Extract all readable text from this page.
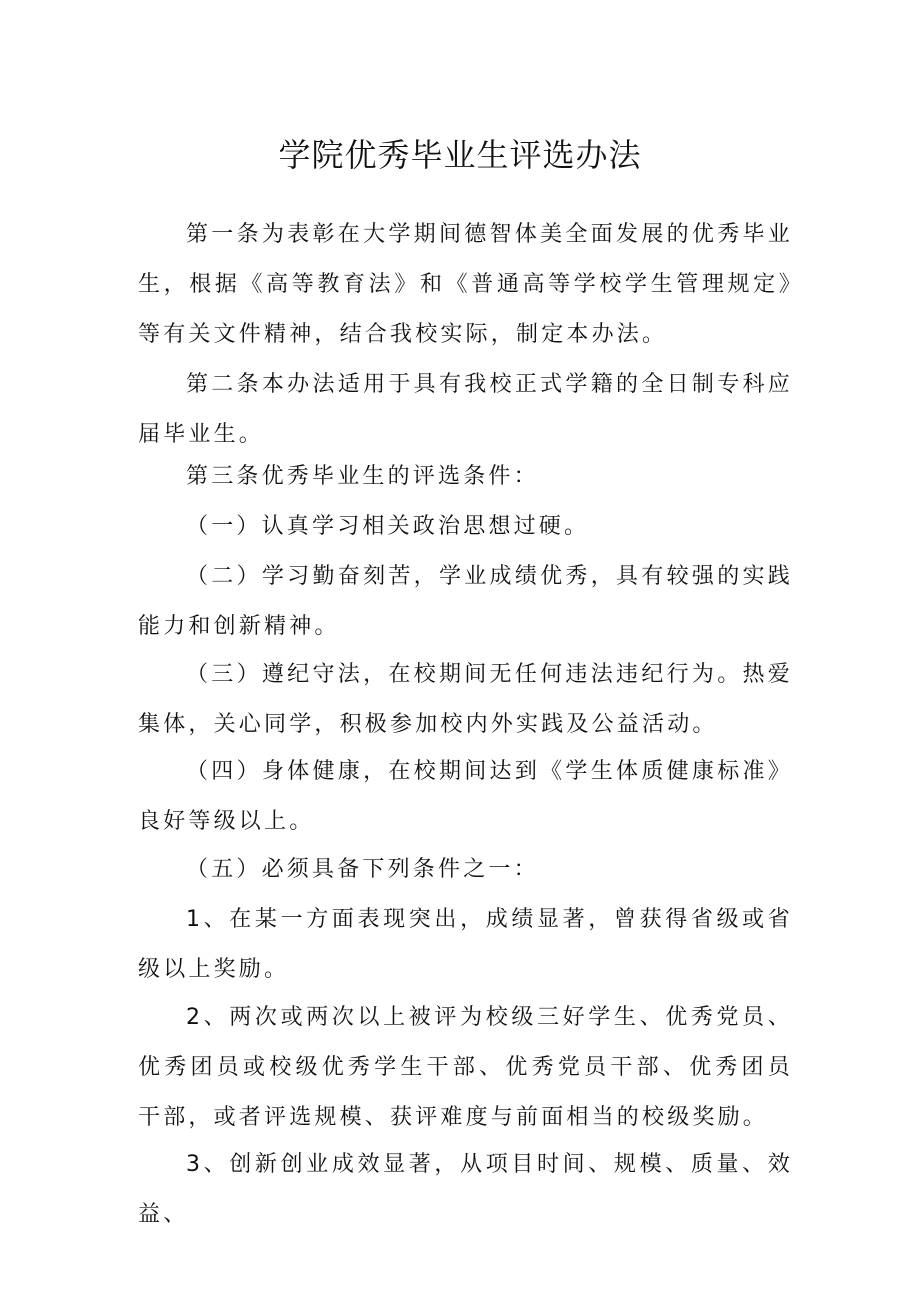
学院优秀毕业生评选办法

第一条为表彰在大学期间德智体美全面发展的优秀毕业生，根据《高等教育法》和《普通高等学校学生管理规定》等有关文件精神，结合我校实际，制定本办法。

第二条本办法适用于具有我校正式学籍的全日制专科应届毕业生。

第三条优秀毕业生的评选条件：

（一）认真学习相关政治思想过硬。

（二）学习勤奋刻苦，学业成绩优秀，具有较强的实践能力和创新精神。

（三）遵纪守法，在校期间无任何违法违纪行为。热爱集体，关心同学，积极参加校内外实践及公益活动。

（四）身体健康，在校期间达到《学生体质健康标准》良好等级以上。

（五）必须具备下列条件之一：

1、在某一方面表现突出，成绩显著，曾获得省级或省级以上奖励。

2、两次或两次以上被评为校级三好学生、优秀党员、优秀团员或校级优秀学生干部、优秀党员干部、优秀团员干部，或者评选规模、获评难度与前面相当的校级奖励。

3、创新创业成效显著，从项目时间、规模、质量、效益、
